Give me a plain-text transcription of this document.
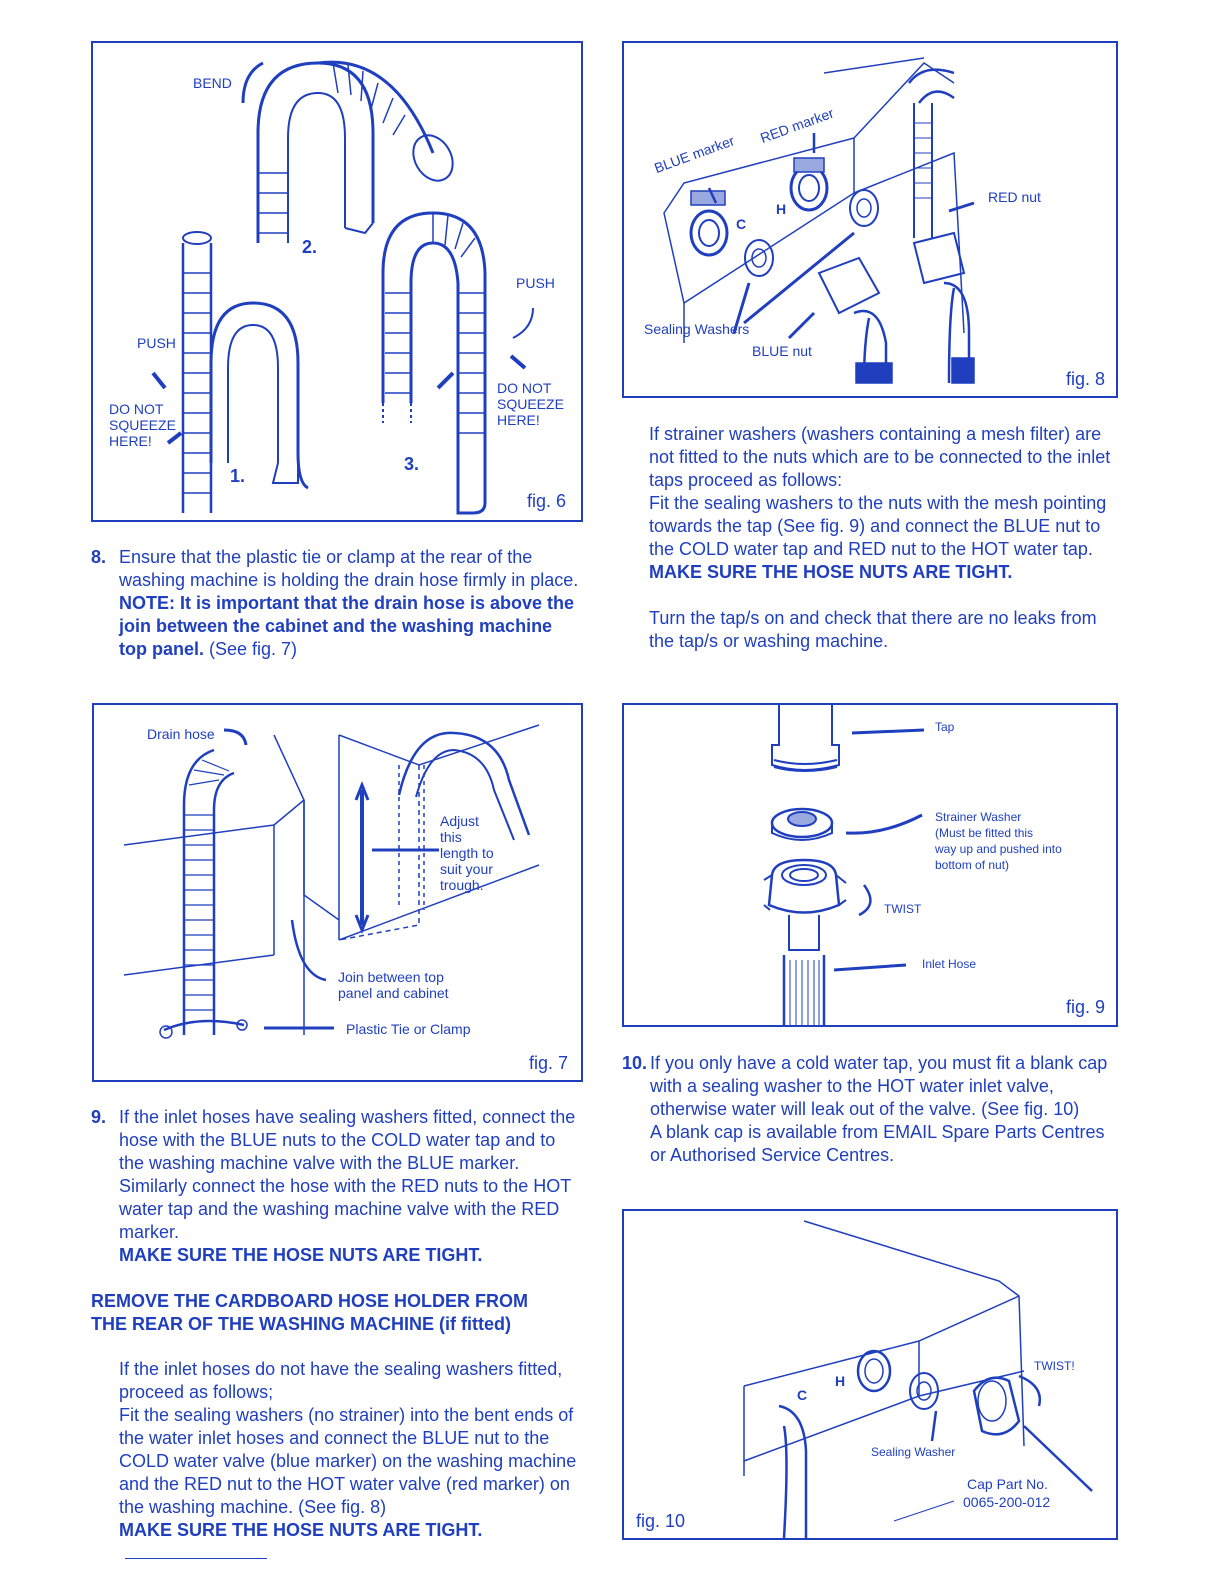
BEND
PUSH
DO NOT
SQUEEZE
HERE!
PUSH
DO NOT
SQUEEZE
HERE!
1.
2.
3.
fig. 6
8. Ensure that the plastic tie or clamp at the rear of the washing machine is holding the drain hose firmly in place.

NOTE: It is important that the drain hose is above the join between the cabinet and the washing machine top panel. (See fig. 7)

Drain hose
Adjust
this
length to
suit your
trough.
Join between top
panel and cabinet
Plastic Tie or Clamp
fig. 7
9. If the inlet hoses have sealing washers fitted, connect the hose with the BLUE nuts to the COLD water tap and to the washing machine valve with the BLUE marker. Similarly connect the hose with the RED nuts to the HOT water tap and the washing machine valve with the RED marker.

MAKE SURE THE HOSE NUTS ARE TIGHT.

REMOVE THE CARDBOARD HOSE HOLDER FROM

THE REAR OF THE WASHING MACHINE (if fitted)

If the inlet hoses do not have the sealing washers fitted, proceed as follows;

Fit the sealing washers (no strainer) into the bent ends of the water inlet hoses and connect the BLUE nut to the COLD water valve (blue marker) on the washing machine and the RED nut to the HOT water valve (red marker) on the washing machine. (See fig. 8)

MAKE SURE THE HOSE NUTS ARE TIGHT.

BLUE marker
RED marker
C
H
RED nut
Sealing Washers
BLUE nut
fig. 8

If strainer washers (washers containing a mesh filter) are not fitted to the nuts which are to be connected to the inlet taps proceed as follows:

Fit the sealing washers to the nuts with the mesh pointing towards the tap (See fig. 9) and connect the BLUE nut to the COLD water tap and RED nut to the HOT water tap.

MAKE SURE THE HOSE NUTS ARE TIGHT.

Turn the tap/s on and check that there are no leaks from the tap/s or washing machine.

Tap
Strainer Washer
(Must be fitted this
way up and pushed into
bottom of nut)
TWIST
Inlet Hose
fig. 9
10. If you only have a cold water tap, you must fit a blank cap with a sealing washer to the HOT water inlet valve, otherwise water will leak out of the valve. (See fig. 10)

A blank cap is available from EMAIL Spare Parts Centres or Authorised Service Centres.

C
H
TWIST!
Sealing Washer
Cap Part No.
0065-200-012
fig. 10
